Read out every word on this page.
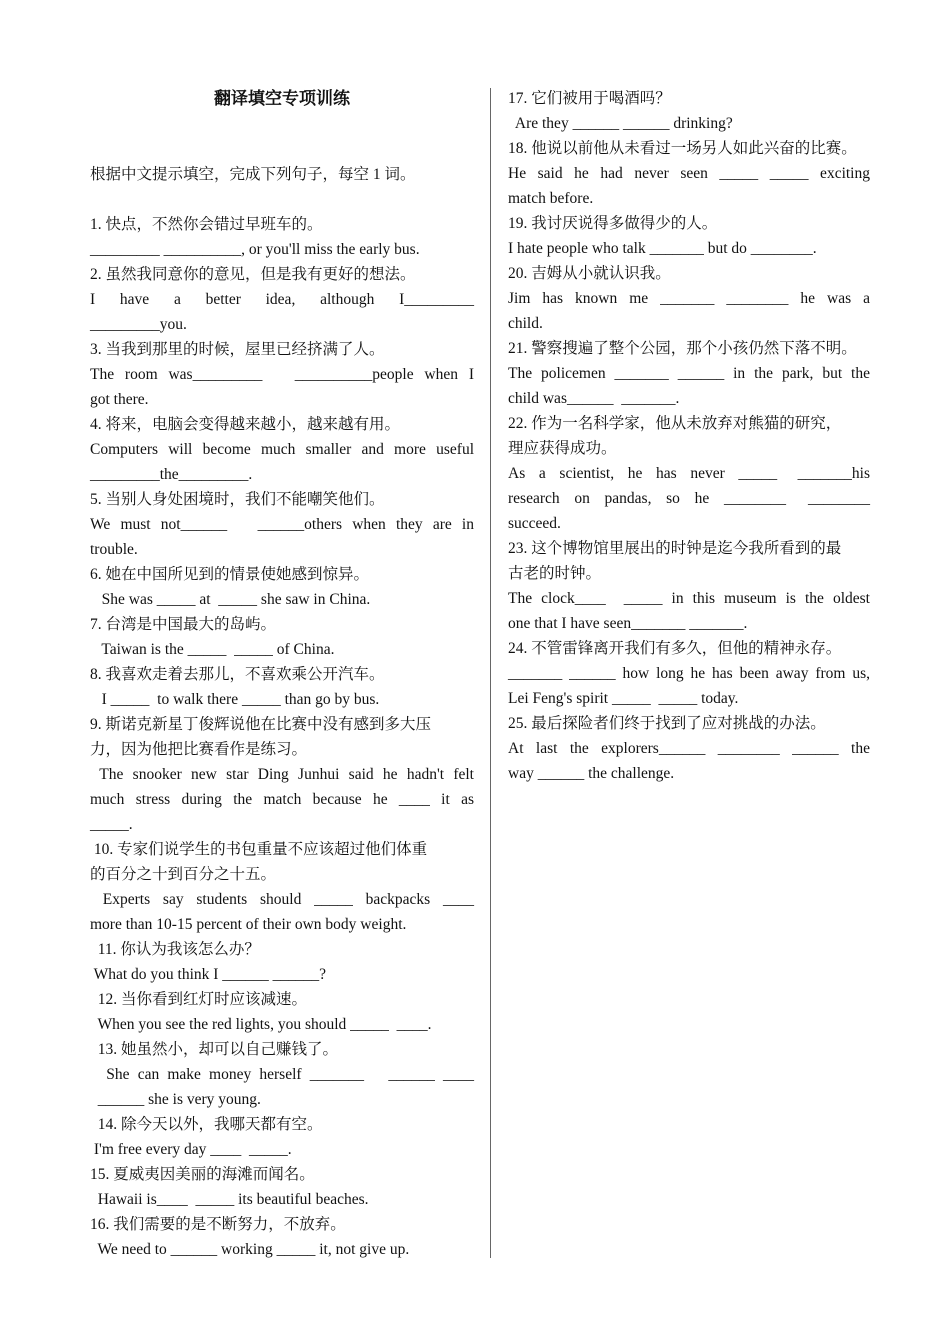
翻译填空专项训练
根据中文提示填空，完成下列句子，每空 1 词。
1. 快点，不然你会错过早班车的。
_________ __________, or you'll miss the early bus.
2. 虽然我同意你的意见，但是我有更好的想法。
I   have   a   better   idea,   although   I_________
_________you.
3. 当我到那里的时候，屋里已经挤满了人。
The room was_________   __________people when I
got there.
4. 将来，电脑会变得越来越小，越来越有用。
Computers will become much smaller and more useful
_________the_________.
5. 当别人身处困境时，我们不能嘲笑他们。
We must not______   ______others when they are in
trouble.
6. 她在中国所见到的情景使她感到惊异。
She was _____ at  _____ she saw in China.
7. 台湾是中国最大的岛屿。
Taiwan is the _____  _____ of China.
8. 我喜欢走着去那儿，不喜欢乘公开汽车。
I _____  to walk there _____ than go by bus.
9. 斯诺克新星丁俊辉说他在比赛中没有感到多大压
力，因为他把比赛看作是练习。
The snooker new star Ding Junhui said he hadn't felt
much stress during the match because he ____ it as
_____.
10. 专家们说学生的书包重量不应该超过他们体重
的百分之十到百分之十五。
Experts say students should _____ backpacks ____
more than 10-15 percent of their own body weight.
11. 你认为我该怎么办？
What do you think I ______ ______?
12. 当你看到红灯时应该减速。
When you see the red lights, you should _____  ____.
13. 她虽然小，却可以自己赚钱了。
She can make money herself _______   ______ ____
______ she is very young.
14. 除今天以外，我哪天都有空。
I'm free every day ____  _____.
15. 夏威夷因美丽的海滩而闻名。
Hawaii is____  _____ its beautiful beaches.
16. 我们需要的是不断努力，不放弃。
We need to ______ working _____ it, not give up.
17. 它们被用于喝酒吗？
Are they ______ ______ drinking?
18. 他说以前他从未看过一场另人如此兴奋的比赛。
He  said  he  had  never  seen  _____  _____  exciting
match before.
19. 我讨厌说得多做得少的人。
I hate people who talk _______ but do ________.
20. 吉姆从小就认识我。
Jim  has  known  me  _______  ________  he  was  a
child.
21. 警察搜遍了整个公园，那个小孩仍然下落不明。
The policemen _______ ______ in the park, but the
child was______  _______.
22. 作为一名科学家，他从未放弃对熊猫的研究，
理应获得成功。
As  a  scientist,  he  has  never  _____   _______his
research  on  pandas,  so  he  ________   ________
succeed.
23. 这个博物馆里展出的时钟是迄今我所看到的最
古老的时钟。
The clock____  _____ in this museum is the oldest
one that I have seen_______ _______.
24. 不管雷锋离开我们有多久，但他的精神永存。
_______ ______ how long he has been away from us,
Lei Feng's spirit _____  _____ today.
25. 最后探险者们终于找到了应对挑战的办法。
At  last  the  explorers______  ________  ______  the
way ______ the challenge.
